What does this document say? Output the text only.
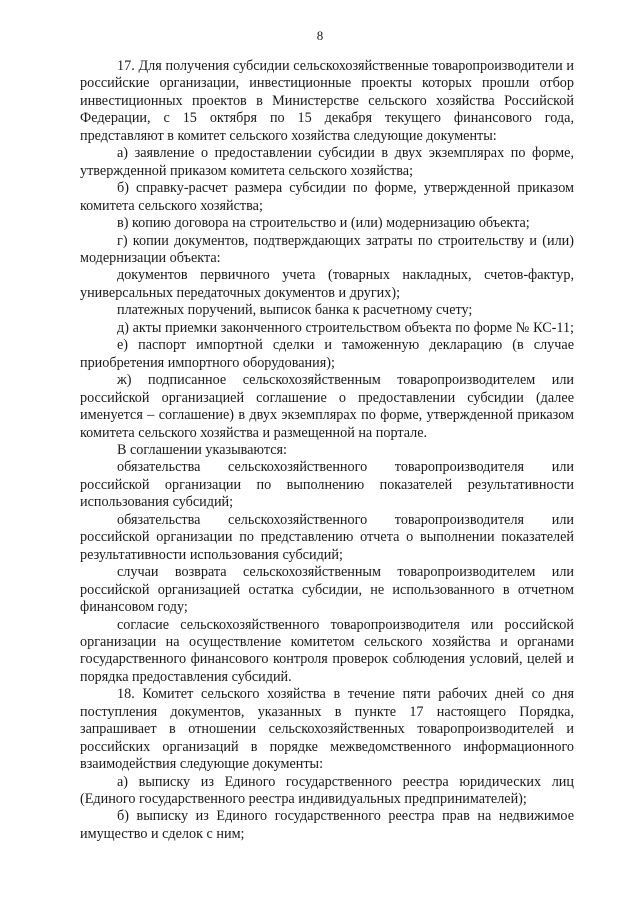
8

17. Для получения субсидии сельскохозяйственные товаропроизводители и российские организации, инвестиционные проекты которых прошли отбор инвестиционных проектов в Министерстве сельского хозяйства Российской Федерации, с 15 октября по 15 декабря текущего финансового года, представляют в комитет сельского хозяйства следующие документы:

а) заявление о предоставлении субсидии в двух экземплярах по форме, утвержденной приказом комитета сельского хозяйства;

б) справку-расчет размера субсидии по форме, утвержденной приказом комитета сельского хозяйства;

в) копию договора на строительство и (или) модернизацию объекта;

г) копии документов, подтверждающих затраты по строительству и (или) модернизации объекта:

документов первичного учета (товарных накладных, счетов-фактур, универсальных передаточных документов и других);

платежных поручений, выписок банка к расчетному счету;

д) акты приемки законченного строительством объекта по форме № КС-11;

е) паспорт импортной сделки и таможенную декларацию (в случае приобретения импортного оборудования);

ж) подписанное сельскохозяйственным товаропроизводителем или российской организацией соглашение о предоставлении субсидии (далее именуется – соглашение) в двух экземплярах по форме, утвержденной приказом комитета сельского хозяйства и размещенной на портале.

В соглашении указываются:

обязательства сельскохозяйственного товаропроизводителя или российской организации по выполнению показателей результативности использования субсидий;

обязательства сельскохозяйственного товаропроизводителя или российской организации по представлению отчета о выполнении показателей результативности использования субсидий;

случаи возврата сельскохозяйственным товаропроизводителем или российской организацией остатка субсидии, не использованного в отчетном финансовом году;

согласие сельскохозяйственного товаропроизводителя или российской организации на осуществление комитетом сельского хозяйства и органами государственного финансового контроля проверок соблюдения условий, целей и порядка предоставления субсидий.

18. Комитет сельского хозяйства в течение пяти рабочих дней со дня поступления документов, указанных в пункте 17 настоящего Порядка, запрашивает в отношении сельскохозяйственных товаропроизводителей и российских организаций в порядке межведомственного информационного взаимодействия следующие документы:

а) выписку из Единого государственного реестра юридических лиц (Единого государственного реестра индивидуальных предпринимателей);

б) выписку из Единого государственного реестра прав на недвижимое имущество и сделок с ним;
